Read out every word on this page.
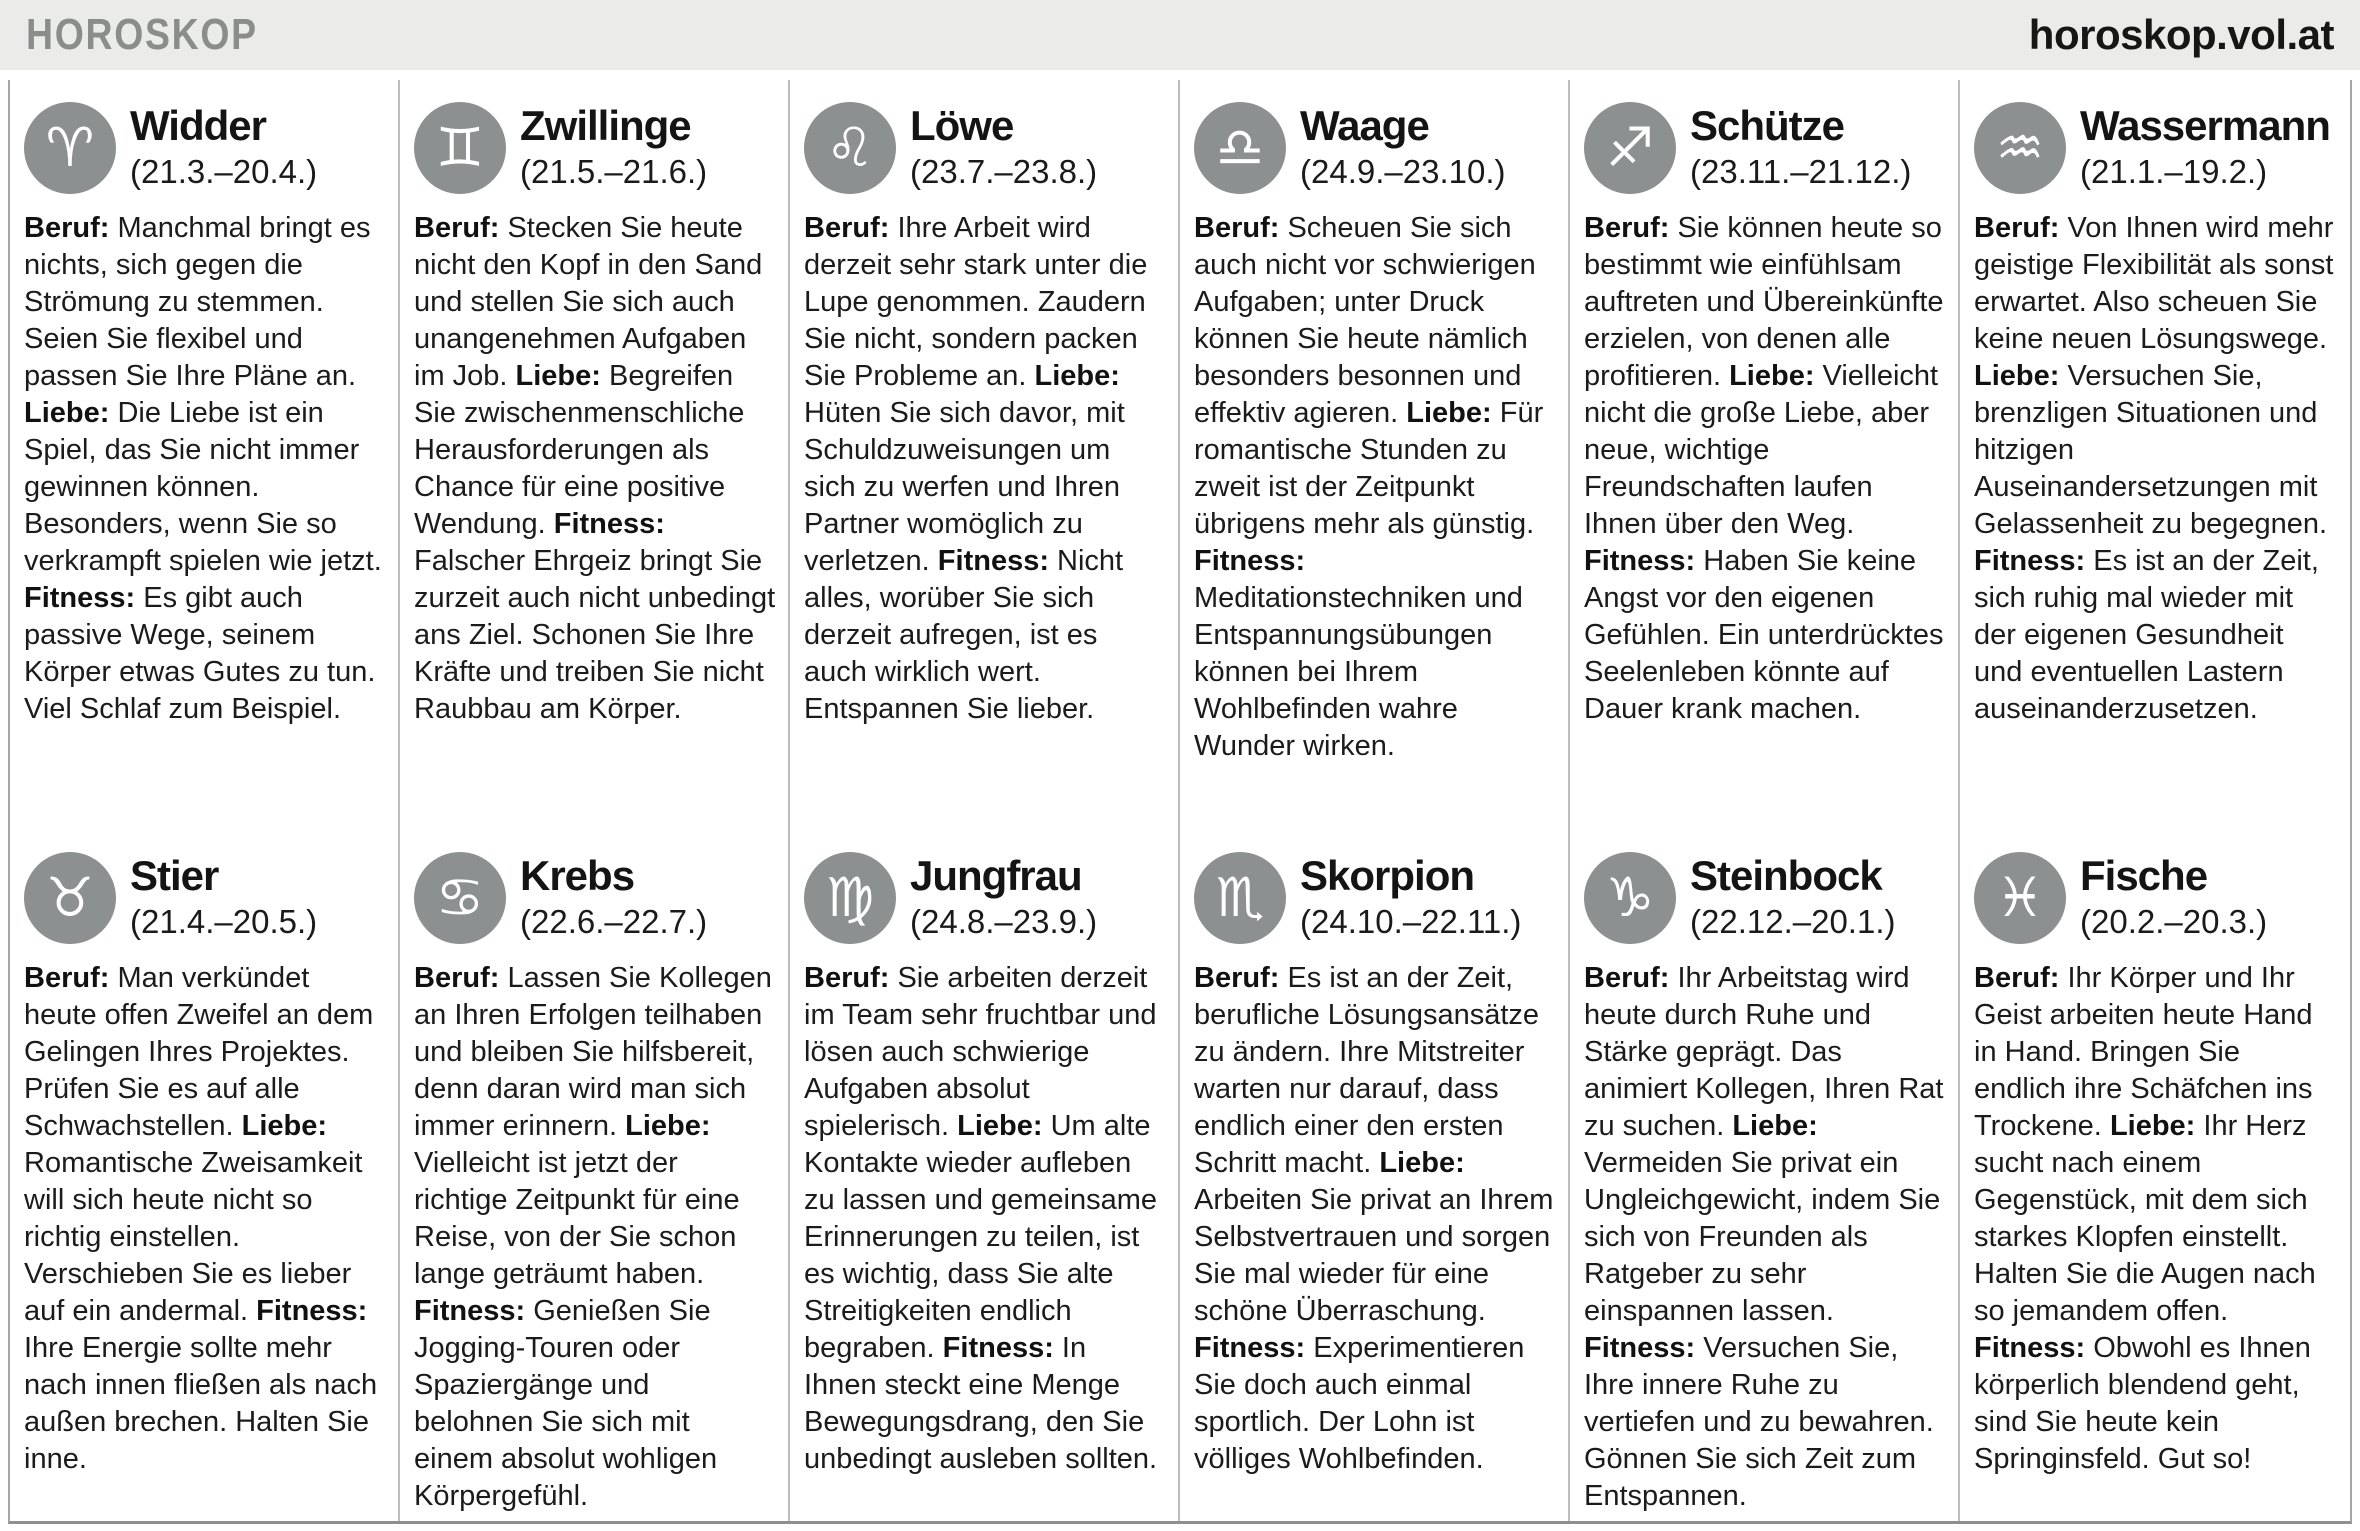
HOROSKOP	horoskop.vol.at
♈ Widder
(21.3.–20.4.)

Beruf: Manchmal bringt es nichts, sich gegen die Strömung zu stemmen. Seien Sie flexibel und passen Sie Ihre Pläne an. Liebe: Die Liebe ist ein Spiel, das Sie nicht immer gewinnen können. Besonders, wenn Sie so verkrampft spielen wie jetzt. Fitness: Es gibt auch passive Wege, seinem Körper etwas Gutes zu tun. Viel Schlaf zum Beispiel.

♊ Zwillinge
(21.5.–21.6.)

Beruf: Stecken Sie heute nicht den Kopf in den Sand und stellen Sie sich auch unangenehmen Aufgaben im Job. Liebe: Begreifen Sie zwischenmenschliche Herausforderungen als Chance für eine positive Wendung. Fitness: Falscher Ehrgeiz bringt Sie zurzeit auch nicht unbedingt ans Ziel. Schonen Sie Ihre Kräfte und treiben Sie nicht Raubbau am Körper.

♌ Löwe
(23.7.–23.8.)

Beruf: Ihre Arbeit wird derzeit sehr stark unter die Lupe genommen. Zaudern Sie nicht, sondern packen Sie Probleme an. Liebe: Hüten Sie sich davor, mit Schuldzuweisungen um sich zu werfen und Ihren Partner womöglich zu verletzen. Fitness: Nicht alles, worüber Sie sich derzeit aufregen, ist es auch wirklich wert. Entspannen Sie lieber.

♎ Waage
(24.9.–23.10.)

Beruf: Scheuen Sie sich auch nicht vor schwierigen Aufgaben; unter Druck können Sie heute nämlich besonders besonnen und effektiv agieren. Liebe: Für romantische Stunden zu zweit ist der Zeitpunkt übrigens mehr als günstig. Fitness: Meditationstechniken und Entspannungsübungen können bei Ihrem Wohlbefinden wahre Wunder wirken.

♐ Schütze
(23.11.–21.12.)

Beruf: Sie können heute so bestimmt wie einfühlsam auftreten und Übereinkünfte erzielen, von denen alle profitieren. Liebe: Vielleicht nicht die große Liebe, aber neue, wichtige Freundschaften laufen Ihnen über den Weg. Fitness: Haben Sie keine Angst vor den eigenen Gefühlen. Ein unterdrücktes Seelenleben könnte auf Dauer krank machen.

♒ Wassermann
(21.1.–19.2.)

Beruf: Von Ihnen wird mehr geistige Flexibilität als sonst erwartet. Also scheuen Sie keine neuen Lösungswege. Liebe: Versuchen Sie, brenzligen Situationen und hitzigen Auseinandersetzungen mit Gelassenheit zu begegnen. Fitness: Es ist an der Zeit, sich ruhig mal wieder mit der eigenen Gesundheit und eventuellen Lastern auseinanderzusetzen.

♉ Stier
(21.4.–20.5.)

Beruf: Man verkündet heute offen Zweifel an dem Gelingen Ihres Projektes. Prüfen Sie es auf alle Schwachstellen. Liebe: Romantische Zweisamkeit will sich heute nicht so richtig einstellen. Verschieben Sie es lieber auf ein andermal. Fitness: Ihre Energie sollte mehr nach innen fließen als nach außen brechen. Halten Sie inne.

♋ Krebs
(22.6.–22.7.)

Beruf: Lassen Sie Kollegen an Ihren Erfolgen teilhaben und bleiben Sie hilfsbereit, denn daran wird man sich immer erinnern. Liebe: Vielleicht ist jetzt der richtige Zeitpunkt für eine Reise, von der Sie schon lange geträumt haben. Fitness: Genießen Sie Jogging-Touren oder Spaziergänge und belohnen Sie sich mit einem absolut wohligen Körpergefühl.

♍ Jungfrau
(24.8.–23.9.)

Beruf: Sie arbeiten derzeit im Team sehr fruchtbar und lösen auch schwierige Aufgaben absolut spielerisch. Liebe: Um alte Kontakte wieder aufleben zu lassen und gemeinsame Erinnerungen zu teilen, ist es wichtig, dass Sie alte Streitigkeiten endlich begraben. Fitness: In Ihnen steckt eine Menge Bewegungsdrang, den Sie unbedingt ausleben sollten.

♏ Skorpion
(24.10.–22.11.)

Beruf: Es ist an der Zeit, berufliche Lösungsansätze zu ändern. Ihre Mitstreiter warten nur darauf, dass endlich einer den ersten Schritt macht. Liebe: Arbeiten Sie privat an Ihrem Selbstvertrauen und sorgen Sie mal wieder für eine schöne Überraschung. Fitness: Experimentieren Sie doch auch einmal sportlich. Der Lohn ist völliges Wohlbefinden.

♑ Steinbock
(22.12.–20.1.)

Beruf: Ihr Arbeitstag wird heute durch Ruhe und Stärke geprägt. Das animiert Kollegen, Ihren Rat zu suchen. Liebe: Vermeiden Sie privat ein Ungleichgewicht, indem Sie sich von Freunden als Ratgeber zu sehr einspannen lassen. Fitness: Versuchen Sie, Ihre innere Ruhe zu vertiefen und zu bewahren. Gönnen Sie sich Zeit zum Entspannen.

♓ Fische
(20.2.–20.3.)

Beruf: Ihr Körper und Ihr Geist arbeiten heute Hand in Hand. Bringen Sie endlich ihre Schäfchen ins Trockene. Liebe: Ihr Herz sucht nach einem Gegenstück, mit dem sich starkes Klopfen einstellt. Halten Sie die Augen nach so jemandem offen. Fitness: Obwohl es Ihnen körperlich blendend geht, sind Sie heute kein Springinsfeld. Gut so!
